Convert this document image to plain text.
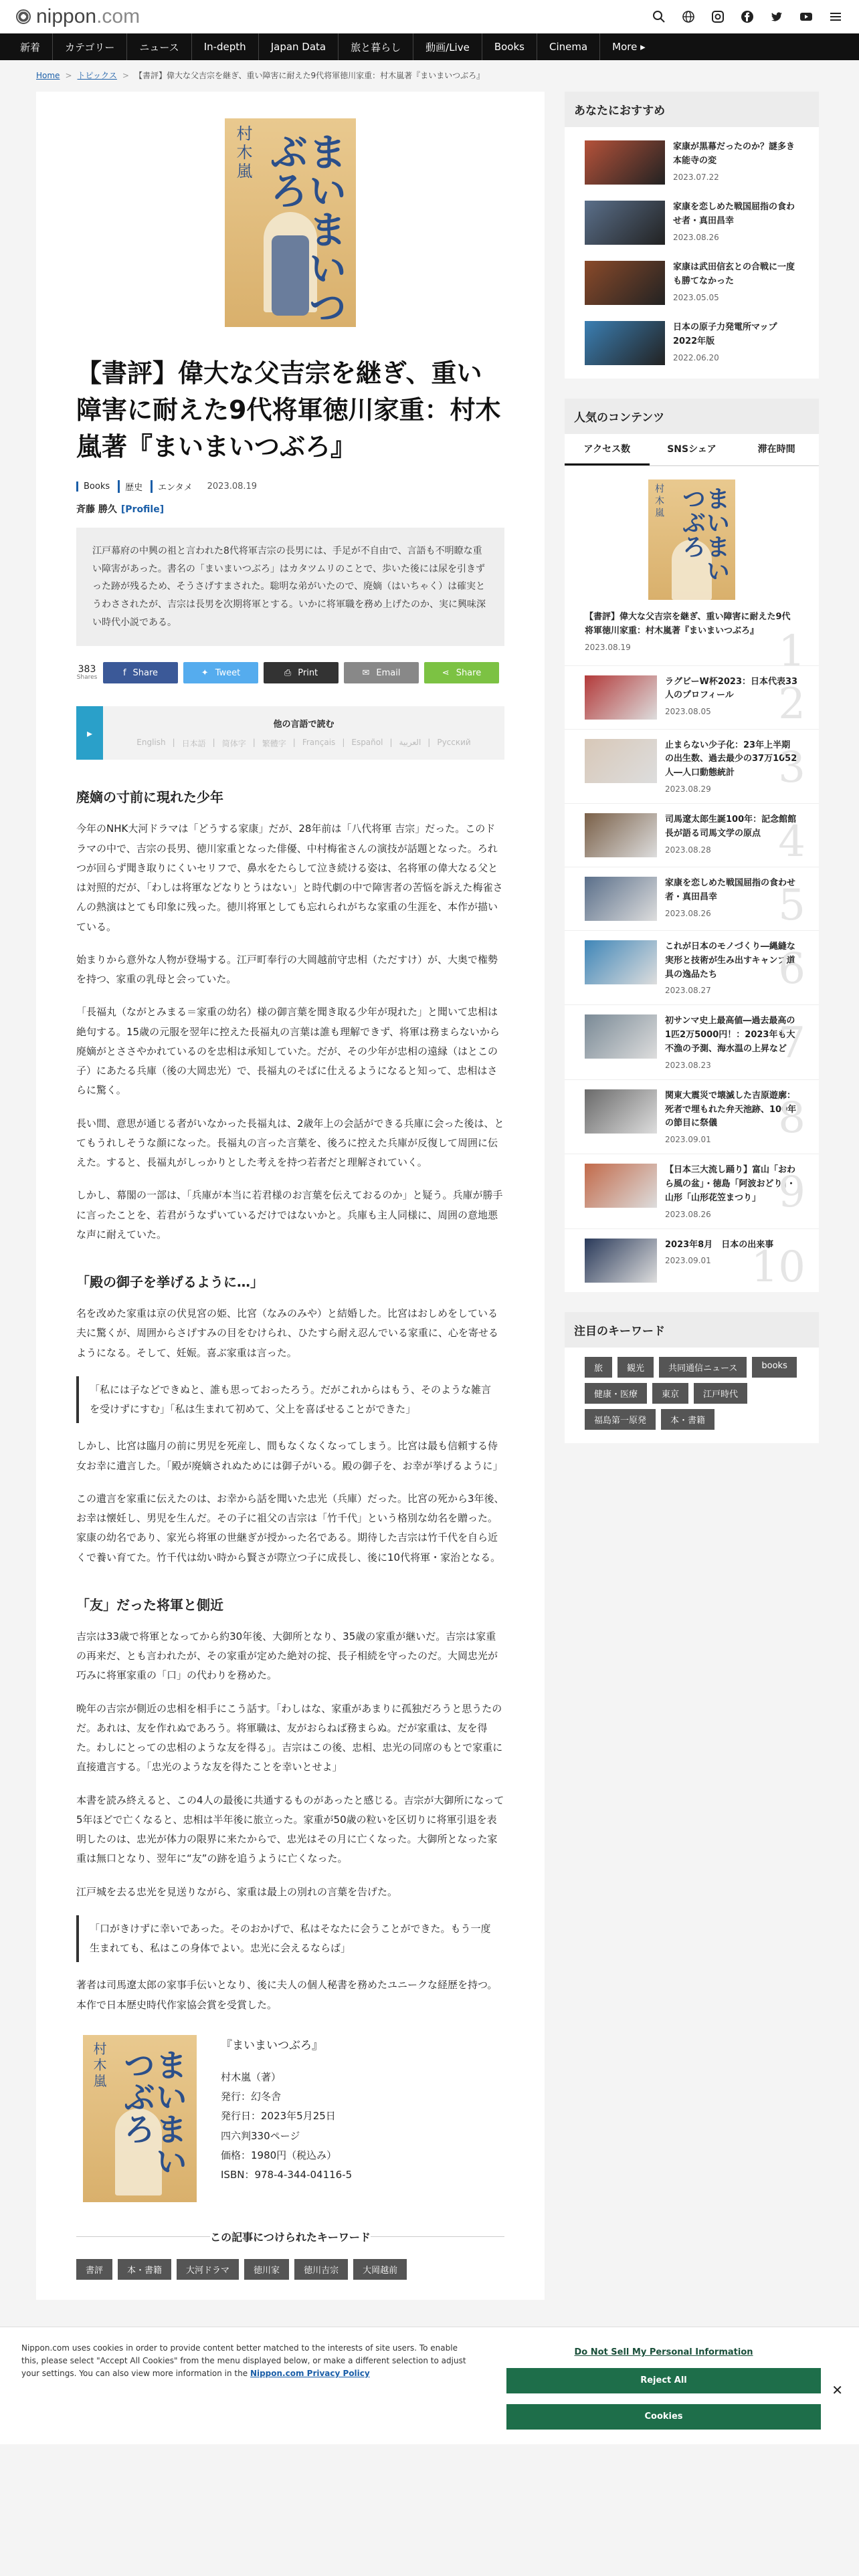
nippon.com
新着	カテゴリー	ニュース	In-depth	Japan Data	旅と暮らし	動画/Live	Books	Cinema	More ▸
Home > トピックス > 【書評】偉大な父吉宗を継ぎ、重い障害に耐えた9代将軍徳川家重：村木嵐著『まいまいつぶろ』
村木嵐	まいまいつぶろ
【書評】偉大な父吉宗を継ぎ、重い障害に耐えた9代将軍徳川家重：村木嵐著『まいまいつぶろ』
Books	歴史	エンタメ 2023.08.19
斉藤 勝久 [Profile]
江戸幕府の中興の祖と言われた8代将軍吉宗の長男には、手足が不自由で、言語も不明瞭な重い障害があった。書名の「まいまいつぶろ」はカタツムリのことで、歩いた後には尿を引きずった跡が残るため、そうさげすまされた。聡明な弟がいたので、廃嫡（はいちゃく）は確実とうわさされたが、吉宗は長男を次期将軍とする。いかに将軍職を務め上げたのか、実に興味深い時代小説である。
383
Shares	f Share	✦ Tweet	⎙ Print	✉ Email	⋖ Share
▸
他の言語で読む
English | 日本語 | 简体字 | 繁體字 | Français | Español | العربية | Русский
廃嫡の寸前に現れた少年

今年のNHK大河ドラマは「どうする家康」だが、28年前は「八代将軍 吉宗」だった。このドラマの中で、吉宗の長男、徳川家重となった俳優、中村梅雀さんの演技が話題となった。ろれつが回らず聞き取りにくいセリフで、鼻水をたらして泣き続ける姿は、名将軍の偉大なる父とは対照的だが、「わしは将軍などなりとうはない」と時代劇の中で障害者の苦悩を訴えた梅雀さんの熱演はとても印象に残った。徳川将軍としても忘れられがちな家重の生涯を、本作が描いている。

始まりから意外な人物が登場する。江戸町奉行の大岡越前守忠相（ただすけ）が、大奥で権勢を持つ、家重の乳母と会っていた。

「長福丸（ながとみまる＝家重の幼名）様の御言葉を聞き取る少年が現れた」と聞いて忠相は絶句する。15歳の元服を翌年に控えた長福丸の言葉は誰も理解できず、将軍は務まらないから廃嫡がとささやかれているのを忠相は承知していた。だが、その少年が忠相の遠縁（はとこの子）にあたる兵庫（後の大岡忠光）で、長福丸のそばに仕えるようになると知って、忠相はさらに驚く。

長い間、意思が通じる者がいなかった長福丸は、2歳年上の会話ができる兵庫に会った後は、とてもうれしそうな顔になった。長福丸の言った言葉を、後ろに控えた兵庫が反復して周囲に伝えた。すると、長福丸がしっかりとした考えを持つ若者だと理解されていく。

しかし、幕閣の一部は、「兵庫が本当に若君様のお言葉を伝えておるのか」と疑う。兵庫が勝手に言ったことを、若君がうなずいているだけではないかと。兵庫も主人同様に、周囲の意地悪な声に耐えていた。

「殿の御子を挙げるように…」

名を改めた家重は京の伏見宮の姫、比宮（なみのみや）と結婚した。比宮はおしめをしている夫に驚くが、周囲からさげすみの目をむけられ、ひたすら耐え忍んでいる家重に、心を寄せるようになる。そして、妊娠。喜ぶ家重は言った。

「私には子などできぬと、誰も思っておったろう。だがこれからはもう、そのような雑言を受けずにすむ」「私は生まれて初めて、父上を喜ばせることができた」

しかし、比宮は臨月の前に男児を死産し、間もなくなくなってしまう。比宮は最も信頼する侍女お幸に遺言した。「殿が廃嫡されぬためには御子がいる。殿の御子を、お幸が挙げるように」

この遺言を家重に伝えたのは、お幸から話を聞いた忠光（兵庫）だった。比宮の死から3年後、お幸は懐妊し、男児を生んだ。その子に祖父の吉宗は「竹千代」という格別な幼名を贈った。家康の幼名であり、家光ら将軍の世継ぎが授かった名である。期待した吉宗は竹千代を自ら近くで養い育てた。竹千代は幼い時から賢さが際立つ子に成長し、後に10代将軍・家治となる。

「友」だった将軍と側近

吉宗は33歳で将軍となってから約30年後、大御所となり、35歳の家重が継いだ。吉宗は家重の再来だ、とも言われたが、その家重が定めた絶対の掟、長子相続を守ったのだ。大岡忠光が巧みに将軍家重の「口」の代わりを務めた。

晩年の吉宗が側近の忠相を相手にこう話す。「わしはな、家重があまりに孤独だろうと思うたのだ。あれは、友を作れぬであろう。将軍職は、友がおらねば務まらぬ。だが家重は、友を得た。わしにとっての忠相のような友を得る」。吉宗はこの後、忠相、忠光の同席のもとで家重に直接遺言する。「忠光のような友を得たことを幸いとせよ」

本書を読み終えると、この4人の最後に共通するものがあったと感じる。吉宗が大御所になって5年ほどで亡くなると、忠相は半年後に旅立った。家重が50歳の粒いを区切りに将軍引退を表明したのは、忠光が体力の限界に来たからで、忠光はその月に亡くなった。大御所となった家重は無口となり、翌年に“友”の跡を追うように亡くなった。

江戸城を去る忠光を見送りながら、家重は最上の別れの言葉を告げた。

「口がきけずに幸いであった。そのおかげで、私はそなたに会うことができた。もう一度生まれても、私はこの身体でよい。忠光に会えるならば」

著者は司馬遼太郎の家事手伝いとなり、後に夫人の個人秘書を務めたユニークな経歴を持つ。本作で日本歴史時代作家協会賞を受賞した。

村木嵐	まいまいつぶろ
『まいまいつぶろ』
村木嵐（著）
発行：幻冬舎
発行日：2023年5月25日
四六判330ページ
価格：1980円（税込み）
ISBN：978-4-344-04116-5
この記事につけられたキーワード
書評	本・書籍	大河ドラマ	徳川家	徳川吉宗	大岡越前
あなたにおすすめ
家康が黒幕だったのか？謎多き本能寺の変
2023.07.22
家康を恋しめた戦国屈指の食わせ者・真田昌幸
2023.08.26
家康は武田信玄との合戦に一度も勝てなかった
2023.05.05
日本の原子力発電所マップ 2022年版
2022.06.20
人気のコンテンツ
アクセス数	SNSシェア	滞在時間
村木嵐	まいまいつぶろ
【書評】偉大な父吉宗を継ぎ、重い障害に耐えた9代将軍徳川家重：村木嵐著『まいまいつぶろ』
2023.08.19	1
ラグビーW杯2023：日本代表33人のプロフィール
2023.08.05	2
止まらない少子化：23年上半期の出生数、過去最少の37万1052人―人口動態統計
2023.08.29	3
司馬遼太郎生誕100年：記念館館長が語る司馬文学の原点
2023.08.28	4
家康を恋しめた戦国屈指の食わせ者・真田昌幸
2023.08.26	5
これが日本のモノづくり―縄縫な実形と技術が生み出すキャンプ道具の逸品たち
2023.08.27	6
初サンマ史上最高値―過去最高の1匹2万5000円！：2023年も大不漁の予測、海水温の上昇など
2023.08.23	7
関東大震災で壊滅した吉原遊廓：死者で埋もれた弁天池跡、100年の節目に祭儀
2023.09.01	8
【日本三大流し踊り】富山「おわら風の盆」・徳島「阿波おどり」・山形「山形花笠まつり」
2023.08.26	9
2023年8月　日本の出来事
2023.09.01 10
注目のキーワード
旅	観光	共同通信ニュース	books
健康・医療	東京	江戸時代
福島第一原発	本・書籍
Nippon.com uses cookies in order to provide content better matched to the interests of site users. To enable this, please select "Accept All Cookies" from the menu displayed below, or make a different selection to adjust your settings. You can also view more information in the Nippon.com Privacy Policy
Do Not Sell My Personal Information
Reject All
Cookies
✕
